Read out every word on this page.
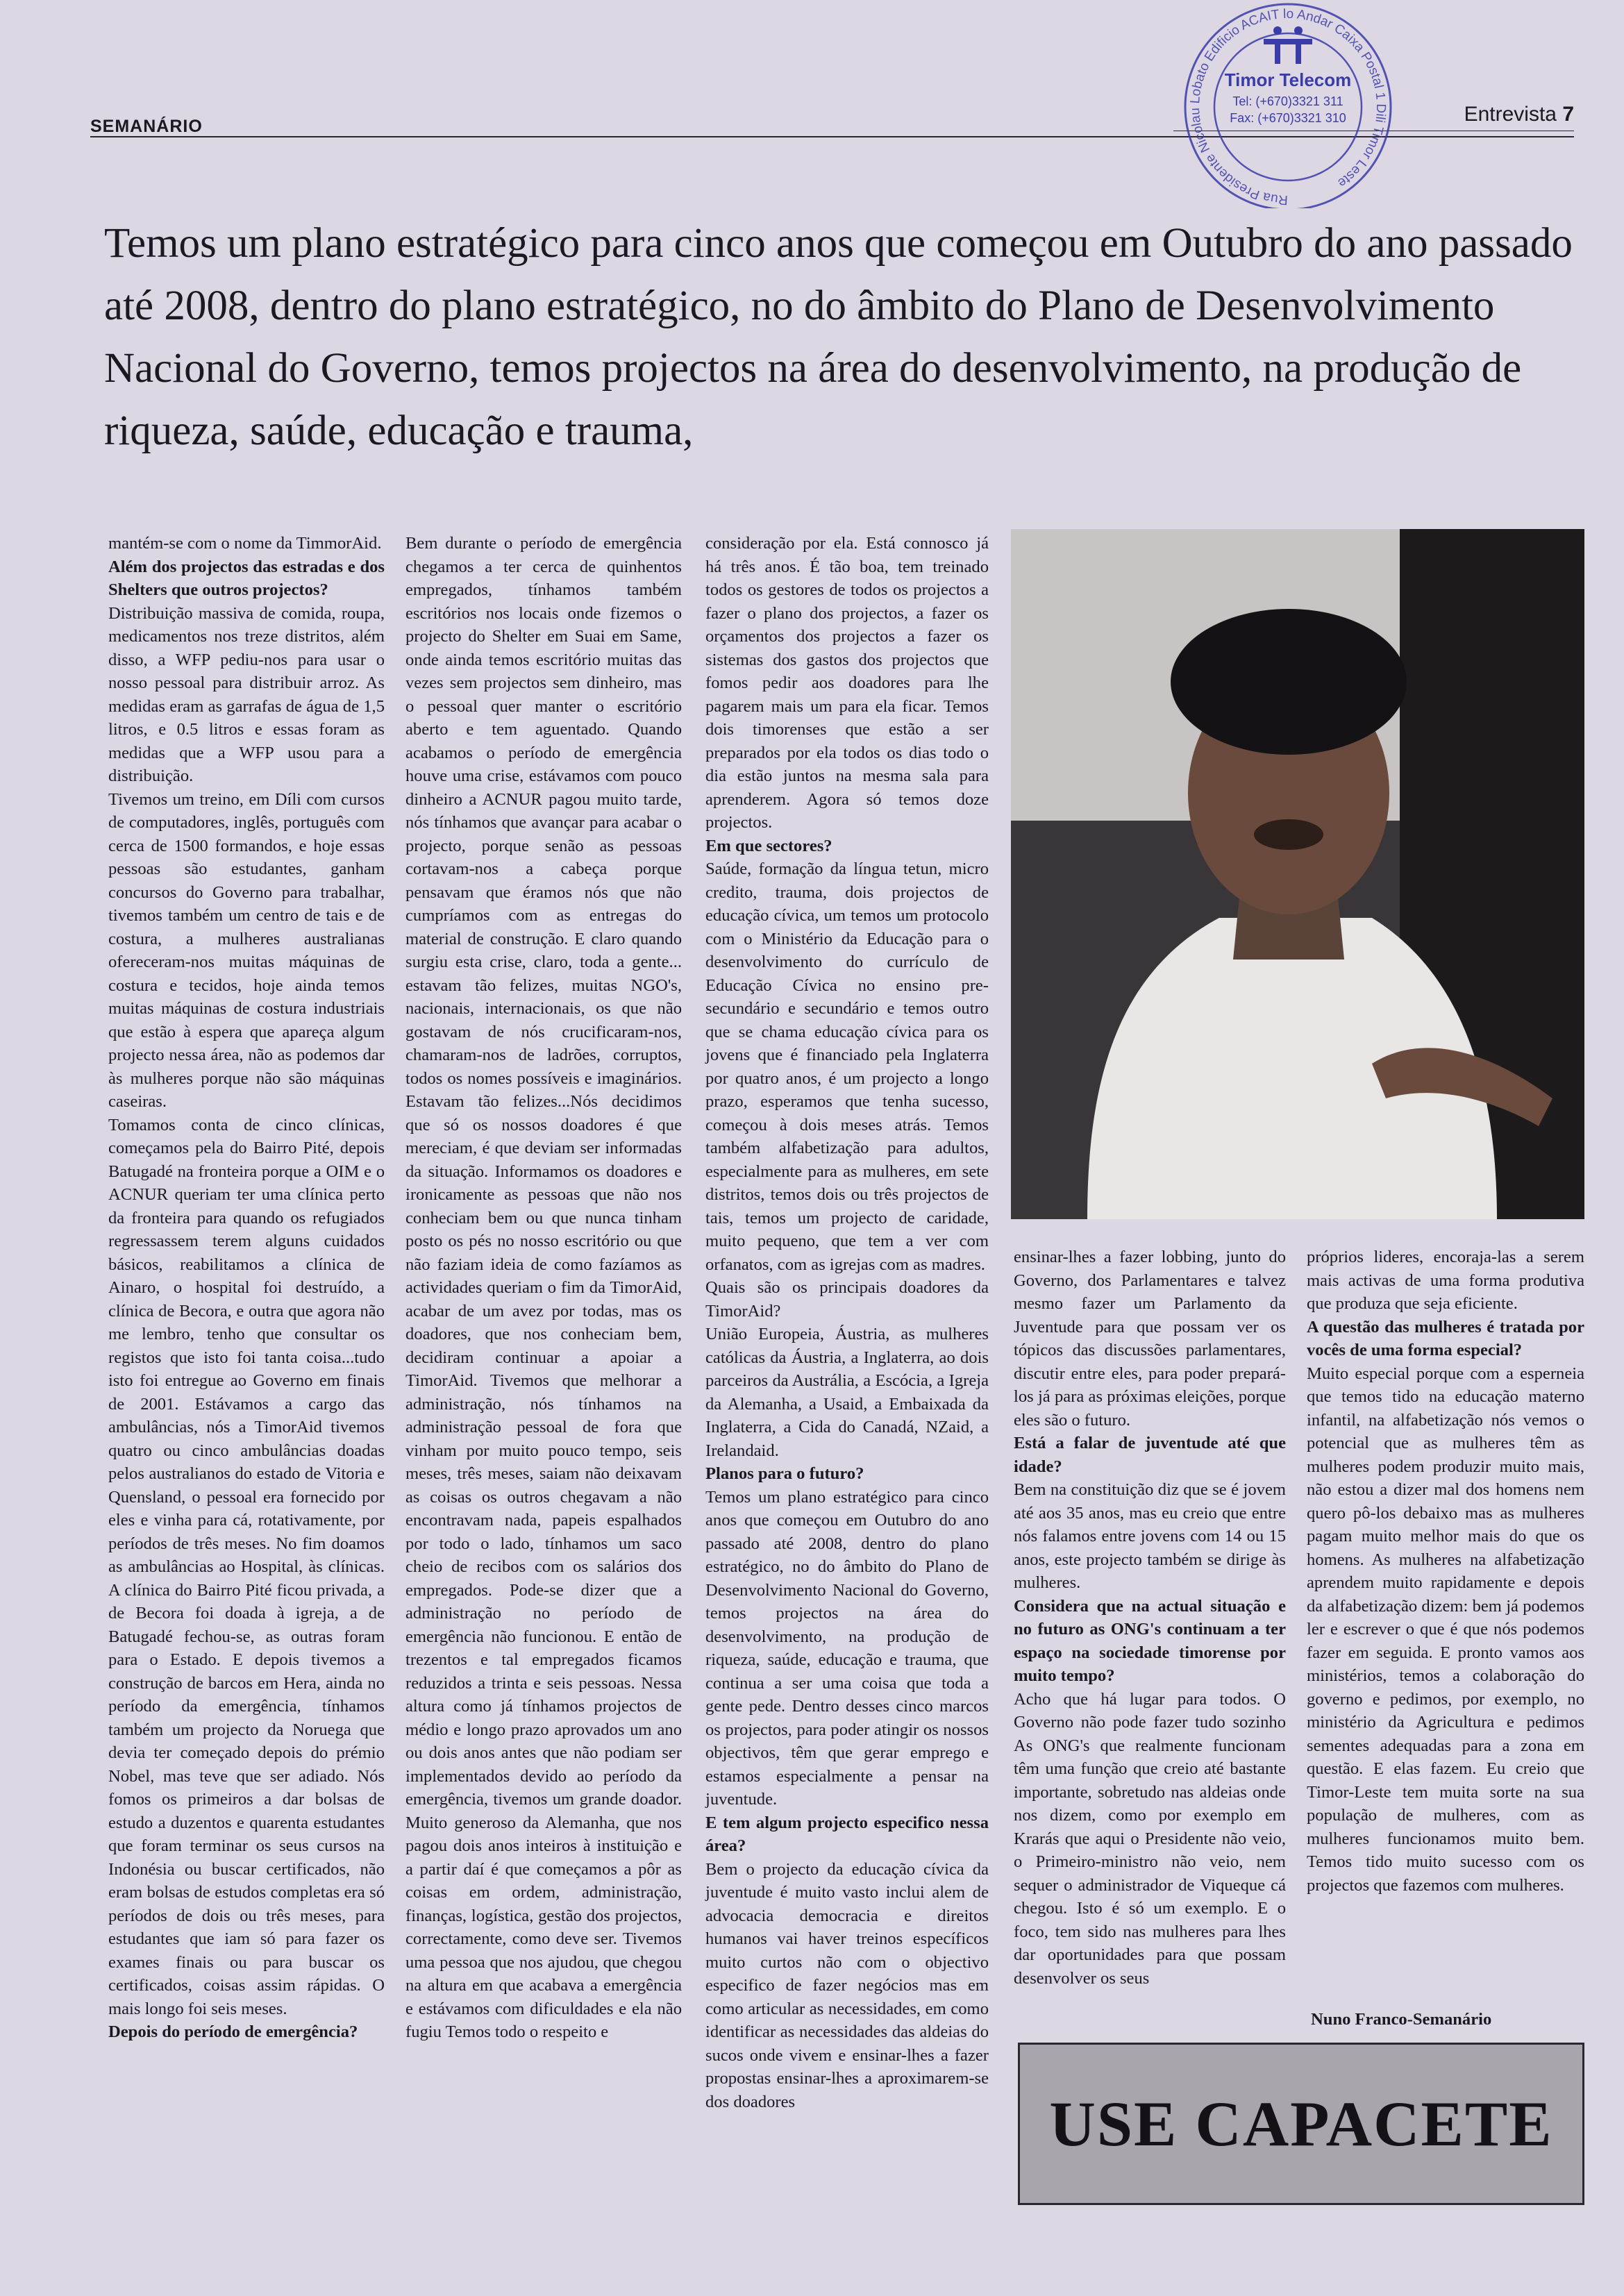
SEMANÁRIO
Entrevista 7
Rua Presidente Nicolau Lobato Edificio ACAIT lo Andar Caixa Postal 1 Dili Timor Leste
Timor Telecom
Tel: (+670)3321 311
Fax: (+670)3321 310
Temos um plano estratégico para cinco anos que começou em Outubro do ano passado até 2008, dentro do plano estratégico, no do âmbito do Plano de Desenvolvimento Nacional do Governo, temos projectos na área do desenvolvimento, na produção de riqueza, saúde, educação e trauma,

mantém-se com o nome da TimmorAid.

Além dos projectos das estradas e dos Shelters que outros projectos?

Distribuição massiva de comida, roupa, medicamentos nos treze distritos, além disso, a WFP pediu-nos para usar o nosso pessoal para distribuir arroz. As medidas eram as garrafas de água de 1,5 litros, e 0.5 litros e essas foram as medidas que a WFP usou para a distribuição.

Tivemos um treino, em Díli com cursos de computadores, inglês, português com cerca de 1500 formandos, e hoje essas pessoas são estudantes, ganham concursos do Governo para trabalhar, tivemos também um centro de tais e de costura, a mulheres australianas ofereceram-nos muitas máquinas de costura e tecidos, hoje ainda temos muitas máquinas de costura industriais que estão à espera que apareça algum projecto nessa área, não as podemos dar às mulheres porque não são máquinas caseiras.

Tomamos conta de cinco clínicas, começamos pela do Bairro Pité, depois Batugadé na fronteira porque a OIM e o ACNUR queriam ter uma clínica perto da fronteira para quando os refugiados regressassem terem alguns cuidados básicos, reabilitamos a clínica de Ainaro, o hospital foi destruído, a clínica de Becora, e outra que agora não me lembro, tenho que consultar os registos que isto foi tanta coisa...tudo isto foi entregue ao Governo em finais de 2001. Estávamos a cargo das ambulâncias, nós a TimorAid tivemos quatro ou cinco ambulâncias doadas pelos australianos do estado de Vitoria e Quensland, o pessoal era fornecido por eles e vinha para cá, rotativamente, por períodos de três meses. No fim doamos as ambulâncias ao Hospital, às clínicas. A clínica do Bairro Pité ficou privada, a de Becora foi doada à igreja, a de Batugadé fechou-se, as outras foram para o Estado. E depois tivemos a construção de barcos em Hera, ainda no período da emergência, tínhamos também um projecto da Noruega que devia ter começado depois do prémio Nobel, mas teve que ser adiado. Nós fomos os primeiros a dar bolsas de estudo a duzentos e quarenta estudantes que foram terminar os seus cursos na Indonésia ou buscar certificados, não eram bolsas de estudos completas era só períodos de dois ou três meses, para estudantes que iam só para fazer os exames finais ou para buscar os certificados, coisas assim rápidas. O mais longo foi seis meses.

Depois do período de emergência?

Bem durante o período de emergência chegamos a ter cerca de quinhentos empregados, tínhamos também escritórios nos locais onde fizemos o projecto do Shelter em Suai em Same, onde ainda temos escritório muitas das vezes sem projectos sem dinheiro, mas o pessoal quer manter o escritório aberto e tem aguentado. Quando acabamos o período de emergência houve uma crise, estávamos com pouco dinheiro a ACNUR pagou muito tarde, nós tínhamos que avançar para acabar o projecto, porque senão as pessoas cortavam-nos a cabeça porque pensavam que éramos nós que não cumpríamos com as entregas do material de construção. E claro quando surgiu esta crise, claro, toda a gente... estavam tão felizes, muitas NGO's, nacionais, internacionais, os que não gostavam de nós crucificaram-nos, chamaram-nos de ladrões, corruptos, todos os nomes possíveis e imaginários. Estavam tão felizes...Nós decidimos que só os nossos doadores é que mereciam, é que deviam ser informadas da situação. Informamos os doadores e ironicamente as pessoas que não nos conheciam bem ou que nunca tinham posto os pés no nosso escritório ou que não faziam ideia de como fazíamos as actividades queriam o fim da TimorAid, acabar de um avez por todas, mas os doadores, que nos conheciam bem, decidiram continuar a apoiar a TimorAid. Tivemos que melhorar a administração, nós tínhamos na administração pessoal de fora que vinham por muito pouco tempo, seis meses, três meses, saiam não deixavam as coisas os outros chegavam a não encontravam nada, papeis espalhados por todo o lado, tínhamos um saco cheio de recibos com os salários dos empregados. Pode-se dizer que a administração no período de emergência não funcionou. E então de trezentos e tal empregados ficamos reduzidos a trinta e seis pessoas. Nessa altura como já tínhamos projectos de médio e longo prazo aprovados um ano ou dois anos antes que não podiam ser implementados devido ao período da emergência, tivemos um grande doador. Muito generoso da Alemanha, que nos pagou dois anos inteiros à instituição e a partir daí é que começamos a pôr as coisas em ordem, administração, finanças, logística, gestão dos projectos, correctamente, como deve ser. Tivemos uma pessoa que nos ajudou, que chegou na altura em que acabava a emergência e estávamos com dificuldades e ela não fugiu Temos todo o respeito e

consideração por ela. Está connosco já há três anos. É tão boa, tem treinado todos os gestores de todos os projectos a fazer o plano dos projectos, a fazer os orçamentos dos projectos a fazer os sistemas dos gastos dos projectos que fomos pedir aos doadores para lhe pagarem mais um para ela ficar. Temos dois timorenses que estão a ser preparados por ela todos os dias todo o dia estão juntos na mesma sala para aprenderem. Agora só temos doze projectos.

Em que sectores?

Saúde, formação da língua tetun, micro credito, trauma, dois projectos de educação cívica, um temos um protocolo com o Ministério da Educação para o desenvolvimento do currículo de Educação Cívica no ensino pre-secundário e secundário e temos outro que se chama educação cívica para os jovens que é financiado pela Inglaterra por quatro anos, é um projecto a longo prazo, esperamos que tenha sucesso, começou à dois meses atrás. Temos também alfabetização para adultos, especialmente para as mulheres, em sete distritos, temos dois ou três projectos de tais, temos um projecto de caridade, muito pequeno, que tem a ver com orfanatos, com as igrejas com as madres.

Quais são os principais doadores da TimorAid?

União Europeia, Áustria, as mulheres católicas da Áustria, a Inglaterra, ao dois parceiros da Austrália, a Escócia, a Igreja da Alemanha, a Usaid, a Embaixada da Inglaterra, a Cida do Canadá, NZaid, a Irelandaid.

Planos para o futuro?

Temos um plano estratégico para cinco anos que começou em Outubro do ano passado até 2008, dentro do plano estratégico, no do âmbito do Plano de Desenvolvimento Nacional do Governo, temos projectos na área do desenvolvimento, na produção de riqueza, saúde, educação e trauma, que continua a ser uma coisa que toda a gente pede. Dentro desses cinco marcos os projectos, para poder atingir os nossos objectivos, têm que gerar emprego e estamos especialmente a pensar na juventude.

E tem algum projecto especifico nessa área?

Bem o projecto da educação cívica da juventude é muito vasto inclui alem de advocacia democracia e direitos humanos vai haver treinos específicos muito curtos não com o objectivo especifico de fazer negócios mas em como articular as necessidades, em como identificar as necessidades das aldeias do sucos onde vivem e ensinar-lhes a fazer propostas ensinar-lhes a aproximarem-se dos doadores

ensinar-lhes a fazer lobbing, junto do Governo, dos Parlamentares e talvez mesmo fazer um Parlamento da Juventude para que possam ver os tópicos das discussões parlamentares, discutir entre eles, para poder prepará-los já para as próximas eleições, porque eles são o futuro.

Está a falar de juventude até que idade?

Bem na constituição diz que se é jovem até aos 35 anos, mas eu creio que entre nós falamos entre jovens com 14 ou 15 anos, este projecto também se dirige às mulheres.

Considera que na actual situação e no futuro as ONG's continuam a ter espaço na sociedade timorense por muito tempo?

Acho que há lugar para todos. O Governo não pode fazer tudo sozinho As ONG's que realmente funcionam têm uma função que creio até bastante importante, sobretudo nas aldeias onde nos dizem, como por exemplo em Krarás que aqui o Presidente não veio, o Primeiro-ministro não veio, nem sequer o administrador de Viqueque cá chegou. Isto é só um exemplo. E o foco, tem sido nas mulheres para lhes dar oportunidades para que possam desenvolver os seus

próprios lideres, encoraja-las a serem mais activas de uma forma produtiva que produza que seja eficiente.

A questão das mulheres é tratada por vocês de uma forma especial?

Muito especial porque com a esperneia que temos tido na educação materno infantil, na alfabetização nós vemos o potencial que as mulheres têm as mulheres podem produzir muito mais, não estou a dizer mal dos homens nem quero pô-los debaixo mas as mulheres pagam muito melhor mais do que os homens. As mulheres na alfabetização aprendem muito rapidamente e depois da alfabetização dizem: bem já podemos ler e escrever o que é que nós podemos fazer em seguida. E pronto vamos aos ministérios, temos a colaboração do governo e pedimos, por exemplo, no ministério da Agricultura e pedimos sementes adequadas para a zona em questão. E elas fazem. Eu creio que Timor-Leste tem muita sorte na sua população de mulheres, com as mulheres funcionamos muito bem. Temos tido muito sucesso com os projectos que fazemos com mulheres.

Nuno Franco-Semanário

USE CAPACETE
